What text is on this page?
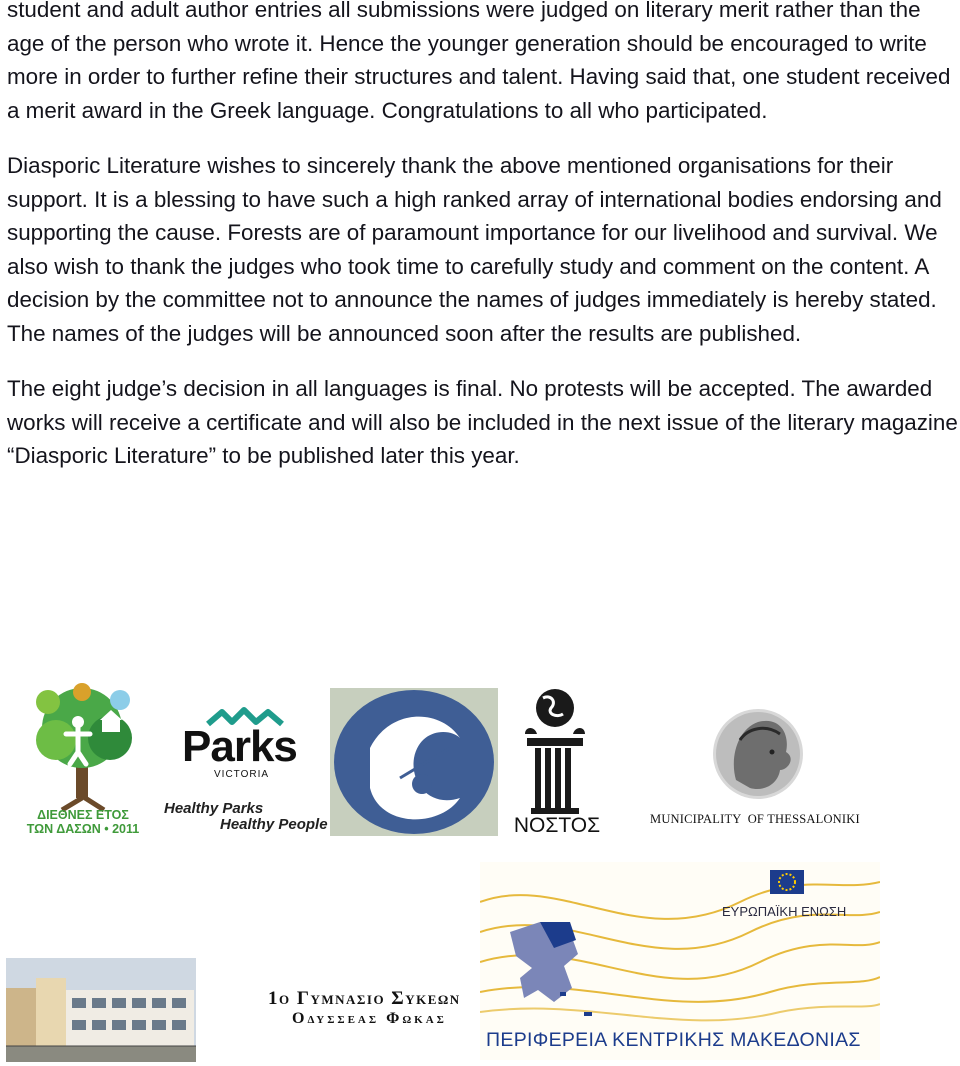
student and adult author entries all submissions were judged on literary merit rather than the age of the person who wrote it. Hence the younger generation should be encouraged to write more in order to further refine their structures and talent. Having said that, one student received a merit award in the Greek language. Congratulations to all who participated.

Diasporic Literature wishes to sincerely thank the above mentioned organisations for their support. It is a blessing to have such a high ranked array of international bodies endorsing and supporting the cause. Forests are of paramount importance for our livelihood and survival. We also wish to thank the judges who took time to carefully study and comment on the content. A decision by the committee not to announce the names of judges immediately is hereby stated. The names of the judges will be announced soon after the results are published.

The eight judge’s decision in all languages is final. No protests will be accepted. The awarded works will receive a certificate and will also be included in the next issue of the literary magazine “Diasporic Literature” to be published later this year.

ΔΙΕΘΝΕΣ ΕΤΟΣ
ΤΩΝ ΔΑΣΩΝ • 2011
Parks
VICTORIA
Healthy Parks
Healthy People	ΝΟΣΤΟΣ	MUNICIPALITY  OF THESSALONIKI
ΕΥΡΩΠΑΪΚΗ ΕΝΩΣΗ
ΠΕΡΙΦΕΡΕΙΑ ΚΕΝΤΡΙΚΗΣ ΜΑΚΕΔΟΝΙΑΣ
1ο Γυμνασιο Συκεων
Οδυσσεας Φωκας
